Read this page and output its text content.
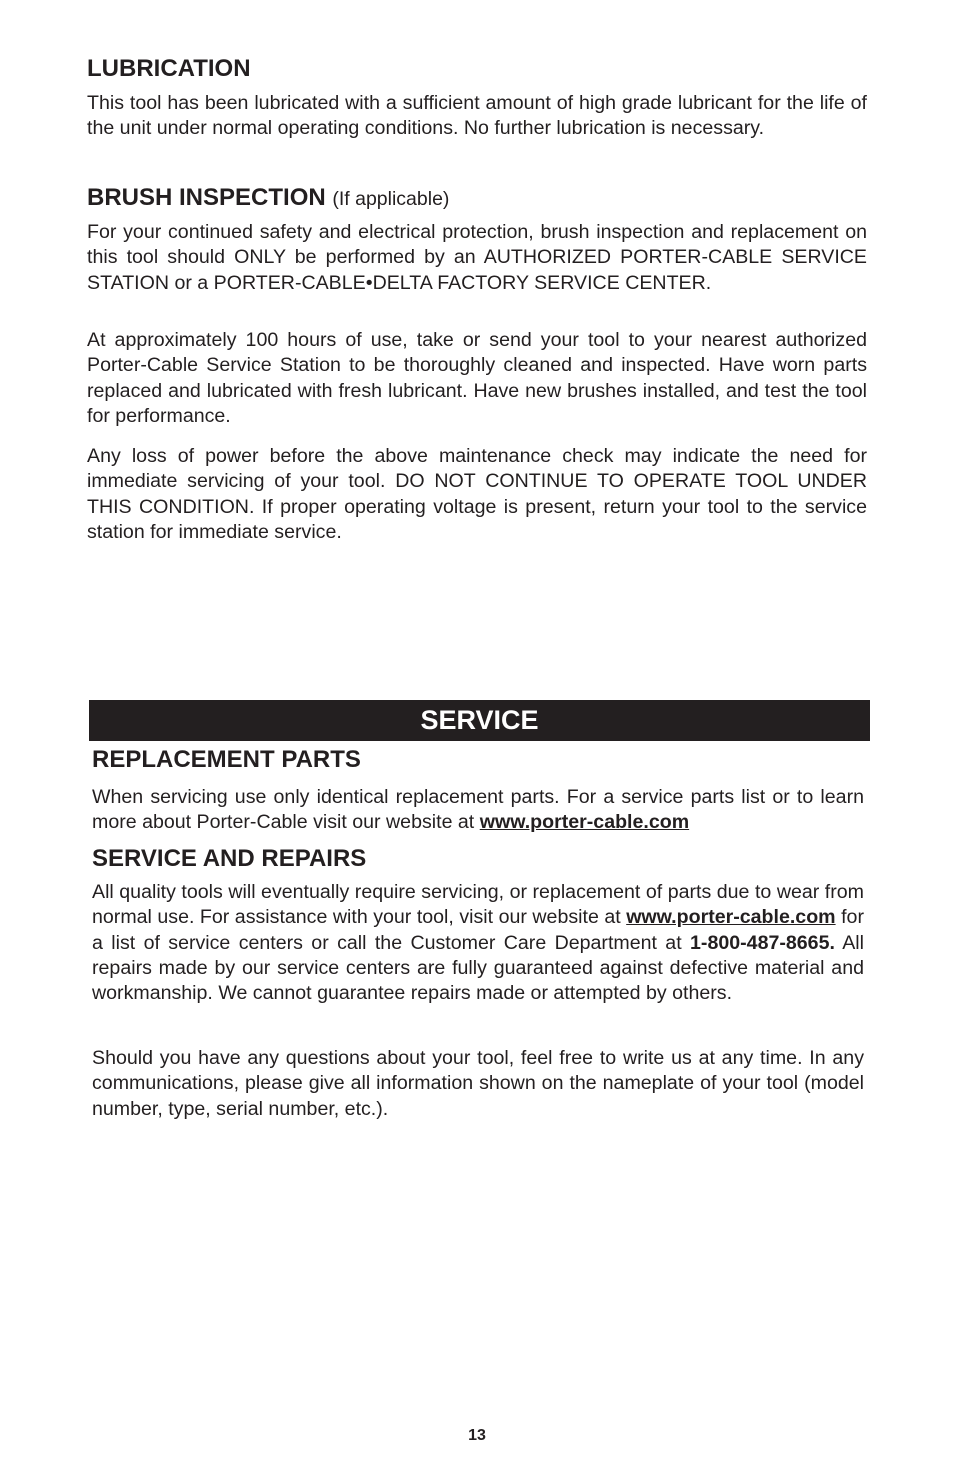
LUBRICATION

This tool has been lubricated with a sufficient amount of high grade lubricant for the life of the unit under normal operating conditions. No further lubrication is necessary.

BRUSH INSPECTION (If applicable)

For your continued safety and electrical protection, brush inspection and replacement on this tool should ONLY be performed by an AUTHORIZED PORTER-CABLE SERVICE STATION or a PORTER-CABLE•DELTA FACTORY SERVICE CENTER.

At approximately 100 hours of use, take or send your tool to your nearest authorized Porter-Cable Service Station to be thoroughly cleaned and inspected. Have worn parts replaced and lubricated with fresh lubricant. Have new brushes installed, and test the tool for performance.

Any loss of power before the above maintenance check may indicate the need for immediate servicing of your tool. DO NOT CONTINUE TO OPERATE TOOL UNDER THIS CONDITION. If proper operating voltage is present, return your tool to the service station for immediate service.

SERVICE
REPLACEMENT PARTS

When servicing use only identical replacement parts. For a service parts list or to learn more about Porter-Cable visit our website at www.porter-cable.com

SERVICE AND REPAIRS

All quality tools will eventually require servicing, or replacement of parts due to wear from normal use. For assistance with your tool, visit our website at www.porter-cable.com for a list of service centers or call the Customer Care Department at 1-800-487-8665. All repairs made by our service centers are fully guaranteed against defective material and workmanship. We cannot guarantee repairs made or attempted by others.

Should you have any questions about your tool, feel free to write us at any time. In any communications, please give all information shown on the nameplate of your tool (model number, type, serial number, etc.).

13
